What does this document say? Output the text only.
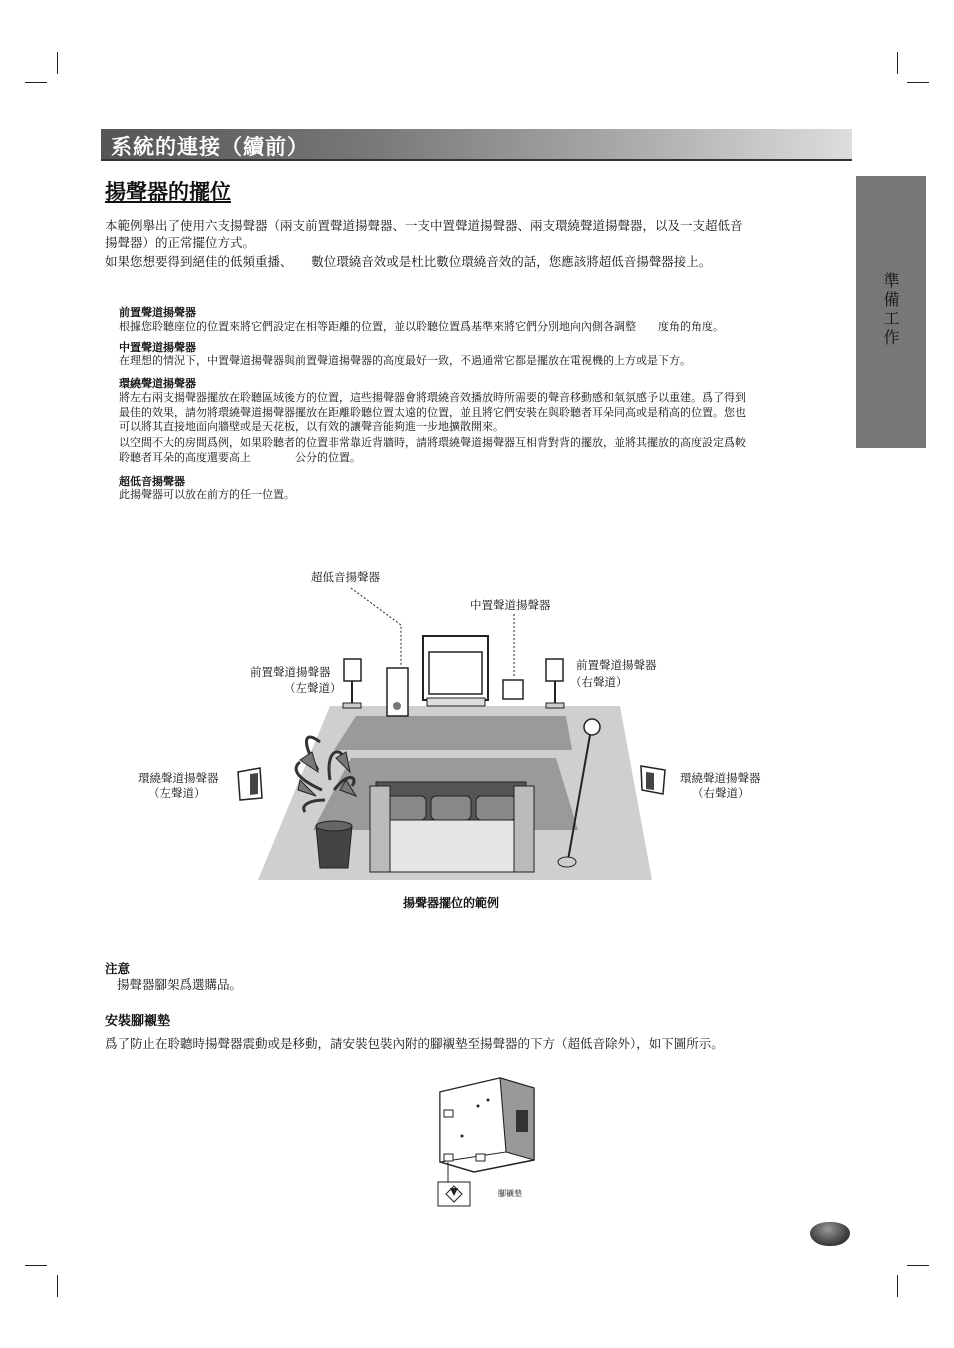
系統的連接（續前）
準備工作
揚聲器的擺位
本範例舉出了使用六支揚聲器（兩支前置聲道揚聲器、一支中置聲道揚聲器、兩支環繞聲道揚聲器，以及一支超低音
揚聲器）的正常擺位方式。
如果您想要得到絕佳的低頻重播、　　數位環繞音效或是杜比數位環繞音效的話，您應該將超低音揚聲器接上。
前置聲道揚聲器
根據您聆聽座位的位置來將它們設定在相等距離的位置，並以聆聽位置爲基準來將它們分別地向內側各調整　　度角的角度。
中置聲道揚聲器
在理想的情況下，中置聲道揚聲器與前置聲道揚聲器的高度最好一致，不過通常它都是擺放在電視機的上方或是下方。
環繞聲道揚聲器
將左右兩支揚聲器擺放在聆聽區域後方的位置，這些揚聲器會將環繞音效播放時所需要的聲音移動感和氣氛感予以重建。爲了得到
最佳的效果，請勿將環繞聲道揚聲器擺放在距離聆聽位置太遠的位置，並且將它們安裝在與聆聽者耳朵同高或是稍高的位置。您也
可以將其直接地面向牆壁或是天花板，以有效的讓聲音能夠進一步地擴散開來。
以空間不大的房間爲例，如果聆聽者的位置非常靠近背牆時，請將環繞聲道揚聲器互相背對背的擺放，並將其擺放的高度設定爲較
聆聽者耳朵的高度還要高上　　　　公分的位置。
超低音揚聲器
此揚聲器可以放在前方的任一位置。
超低音揚聲器
中置聲道揚聲器
前置聲道揚聲器
（左聲道）
前置聲道揚聲器
（右聲道）
環繞聲道揚聲器
（左聲道）
環繞聲道揚聲器
（右聲道）
揚聲器擺位的範例
注意
揚聲器腳架爲選購品。
安裝腳襯墊
爲了防止在聆聽時揚聲器震動或是移動，請安裝包裝內附的腳襯墊至揚聲器的下方（超低音除外），如下圖所示。
腳襯墊
